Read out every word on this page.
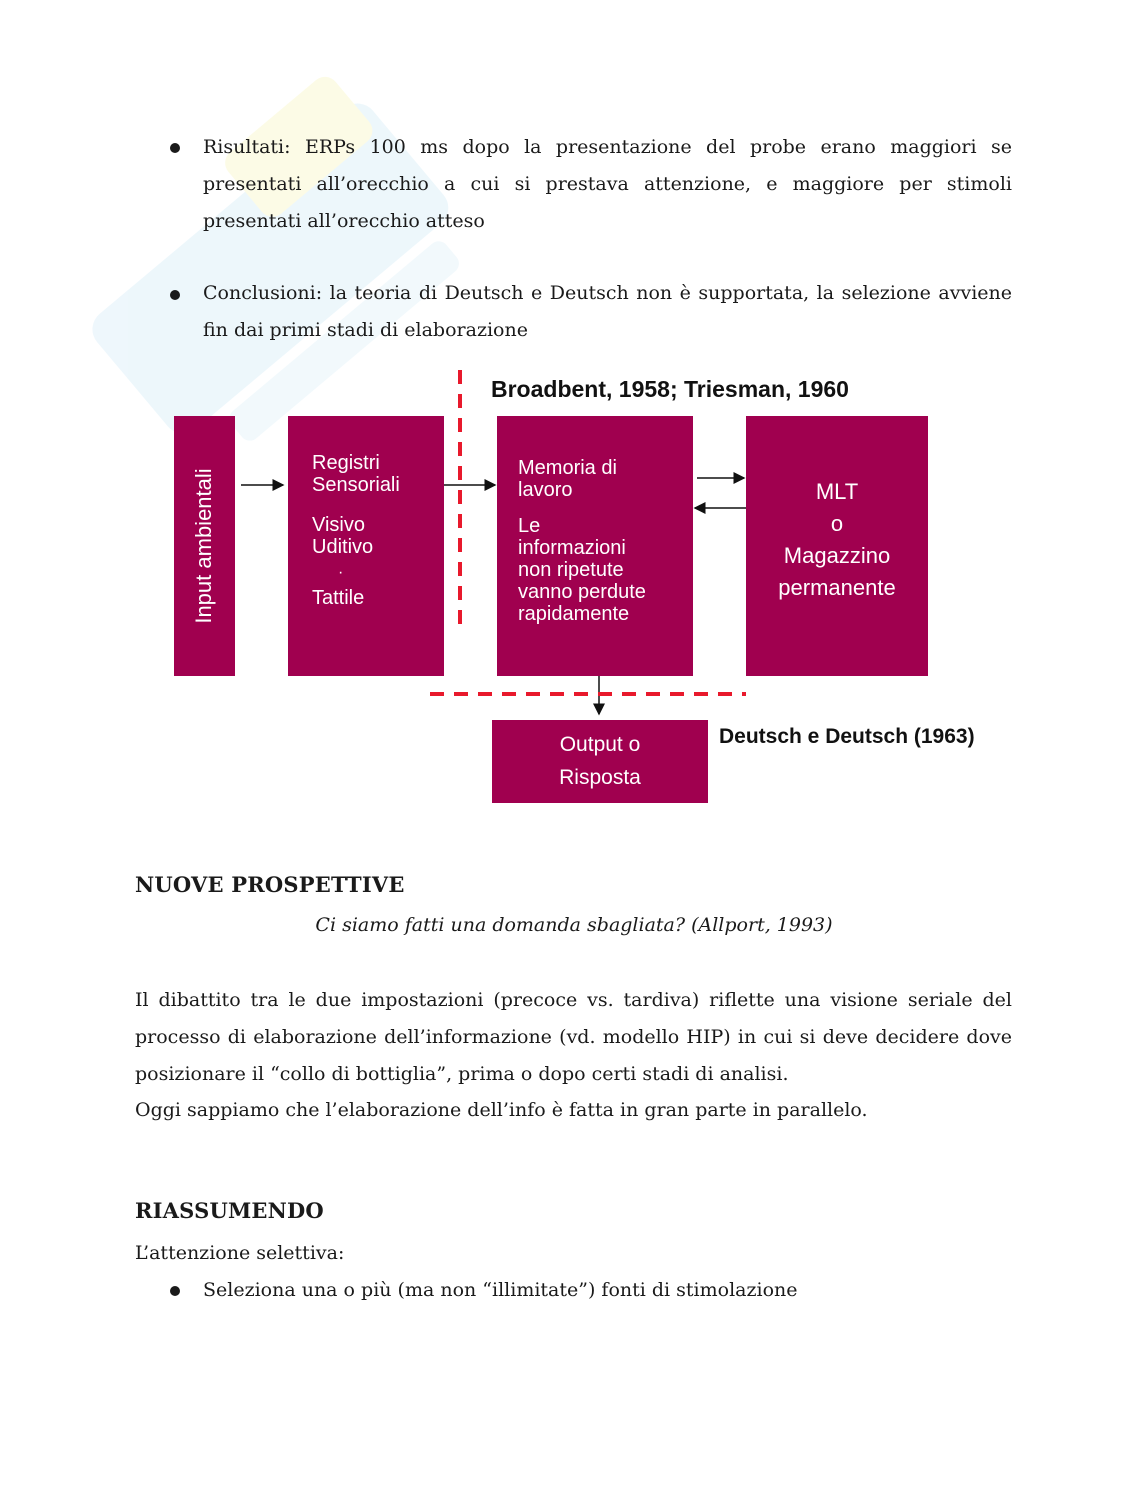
Risultati: ERPs 100 ms dopo la presentazione del probe erano maggiori se presentati all’orecchio a cui si prestava attenzione, e maggiore per stimoli presentati all’orecchio atteso
Conclusioni: la teoria di Deutsch e Deutsch non è supportata, la selezione avviene fin dai primi stadi di elaborazione
Broadbent, 1958; Triesman, 1960
Input ambientali
Registri
Sensoriali
Visivo
Uditivo
·
Tattile
Memoria di
lavoro
Le
informazioni
non ripetute
vanno perdute
rapidamente
MLT
o
Magazzino
permanente
Output o
Risposta
Deutsch e Deutsch (1963)
NUOVE PROSPETTIVE
Ci siamo fatti una domanda sbagliata? (Allport, 1993)
Il dibattito tra le due impostazioni (precoce vs. tardiva) riflette una visione seriale del processo di elaborazione dell’informazione (vd. modello HIP) in cui si deve decidere dove posizionare il “collo di bottiglia”, prima o dopo certi stadi di analisi.
Oggi sappiamo che l’elaborazione dell’info è fatta in gran parte in parallelo.
RIASSUMENDO
L’attenzione selettiva:
Seleziona una o più (ma non “illimitate”) fonti di stimolazione
